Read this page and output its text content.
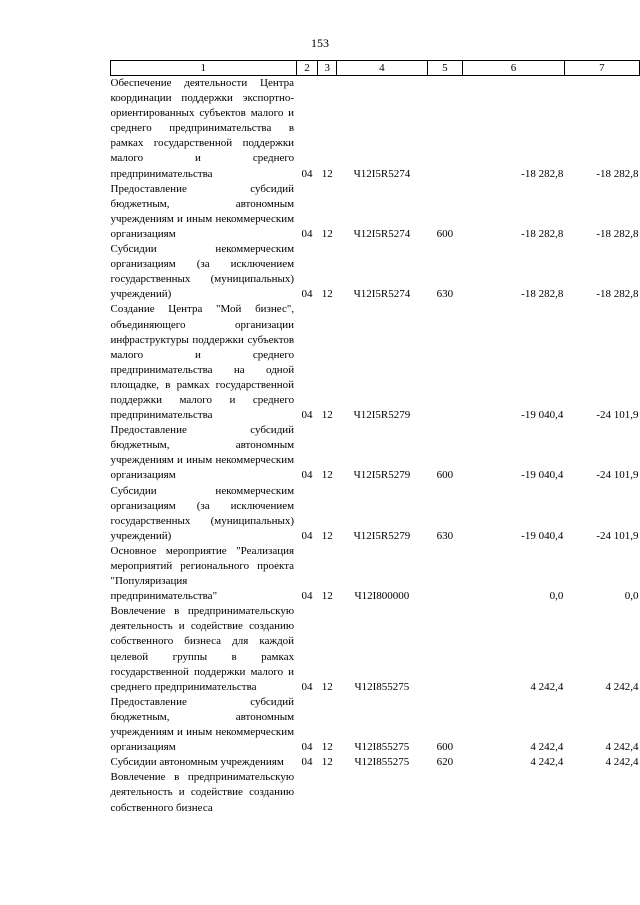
153
1	2	3	4	5	6	7
Обеспечение деятельности Центра координации поддержки экспортно-ориентированных субъектов малого и среднего предпринимательства в рамках государственной поддержки малого и среднего предпринимательства	04	12	Ч12I5R5274		-18 282,8	-18 282,8
Предоставление субсидий бюджетным, автономным учреждениям и иным некоммерческим организациям	04	12	Ч12I5R5274	600	-18 282,8	-18 282,8
Субсидии некоммерческим организациям (за исключением государственных (муниципальных) учреждений)	04	12	Ч12I5R5274	630	-18 282,8	-18 282,8
Создание Центра "Мой бизнес", объединяющего организации инфраструктуры поддержки субъектов малого и среднего предпринимательства на одной площадке, в рамках государственной поддержки малого и среднего предпринимательства	04	12	Ч12I5R5279		-19 040,4	-24 101,9
Предоставление субсидий бюджетным, автономным учреждениям и иным некоммерческим организациям	04	12	Ч12I5R5279	600	-19 040,4	-24 101,9
Субсидии некоммерческим организациям (за исключением государственных (муниципальных) учреждений)	04	12	Ч12I5R5279	630	-19 040,4	-24 101,9
Основное мероприятие "Реализация мероприятий регионального проекта "Популяризация предпринимательства"	04	12	Ч12I800000		0,0	0,0
Вовлечение в предпринимательскую деятельность и содействие созданию собственного бизнеса для каждой целевой группы в рамках государственной поддержки малого и среднего предпринимательства	04	12	Ч12I855275		4 242,4	4 242,4
Предоставление субсидий бюджетным, автономным учреждениям и иным некоммерческим организациям	04	12	Ч12I855275	600	4 242,4	4 242,4
Субсидии автономным учреждениям	04	12	Ч12I855275	620	4 242,4	4 242,4
Вовлечение в предпринимательскую деятельность и содействие созданию собственного бизнеса						
